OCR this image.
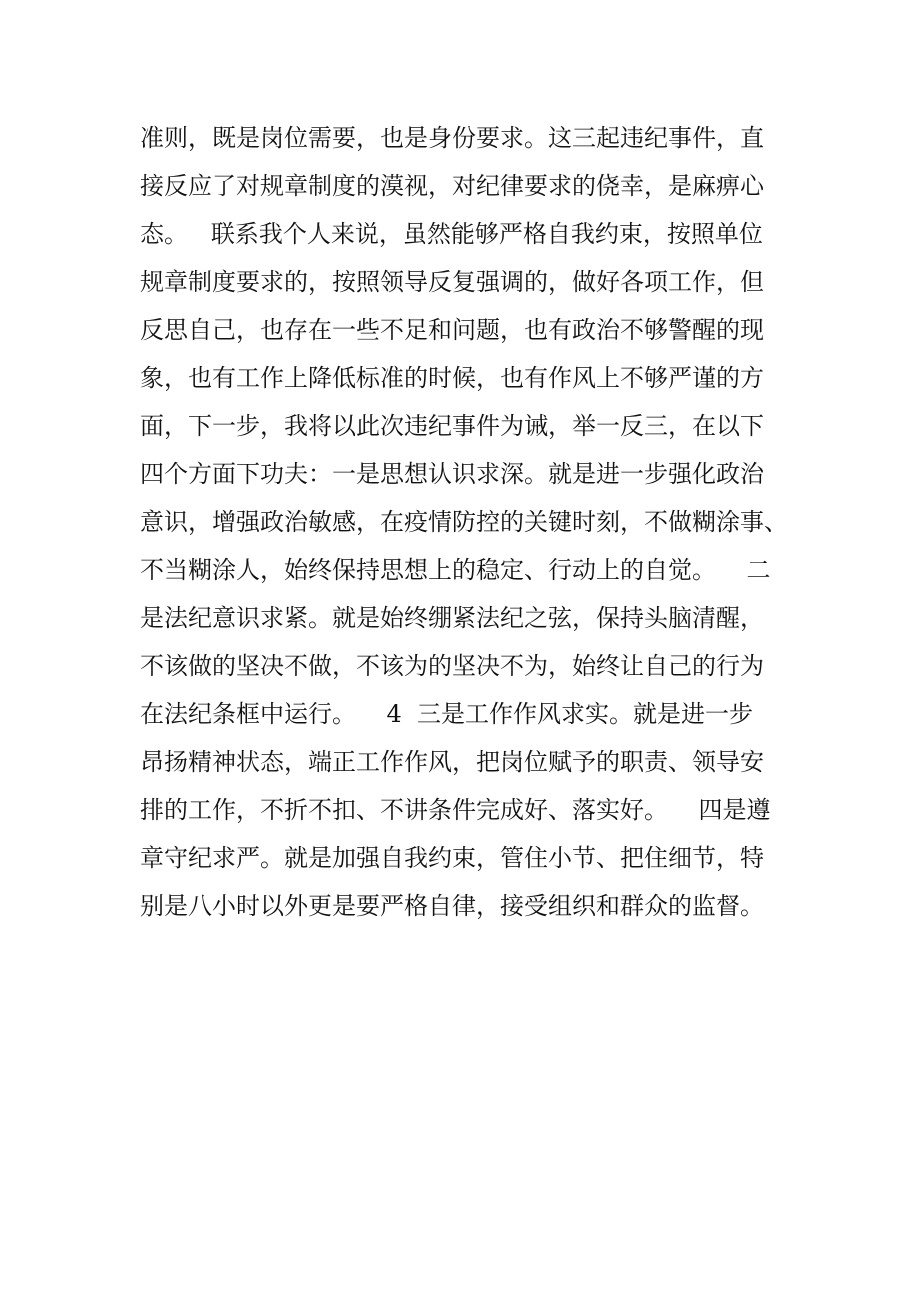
准则，既是岗位需要，也是身份要求。这三起违纪事件，直
接反应了对规章制度的漠视，对纪律要求的侥幸，是麻痹心
态。   联系我个人来说，虽然能够严格自我约束，按照单位
规章制度要求的，按照领导反复强调的，做好各项工作，但
反思自己，也存在一些不足和问题，也有政治不够警醒的现
象，也有工作上降低标准的时候，也有作风上不够严谨的方
面，下一步，我将以此次违纪事件为诫，举一反三，在以下
四个方面下功夫：一是思想认识求深。就是进一步强化政治
意识，增强政治敏感，在疫情防控的关键时刻，不做糊涂事、
不当糊涂人，始终保持思想上的稳定、行动上的自觉。    二
是法纪意识求紧。就是始终绷紧法纪之弦，保持头脑清醒，
不该做的坚决不做，不该为的坚决不为，始终让自己的行为
在法纪条框中运行。    4  三是工作作风求实。就是进一步
昂扬精神状态，端正工作作风，把岗位赋予的职责、领导安
排的工作，不折不扣、不讲条件完成好、落实好。    四是遵
章守纪求严。就是加强自我约束，管住小节、把住细节，特
别是八小时以外更是要严格自律，接受组织和群众的监督。
